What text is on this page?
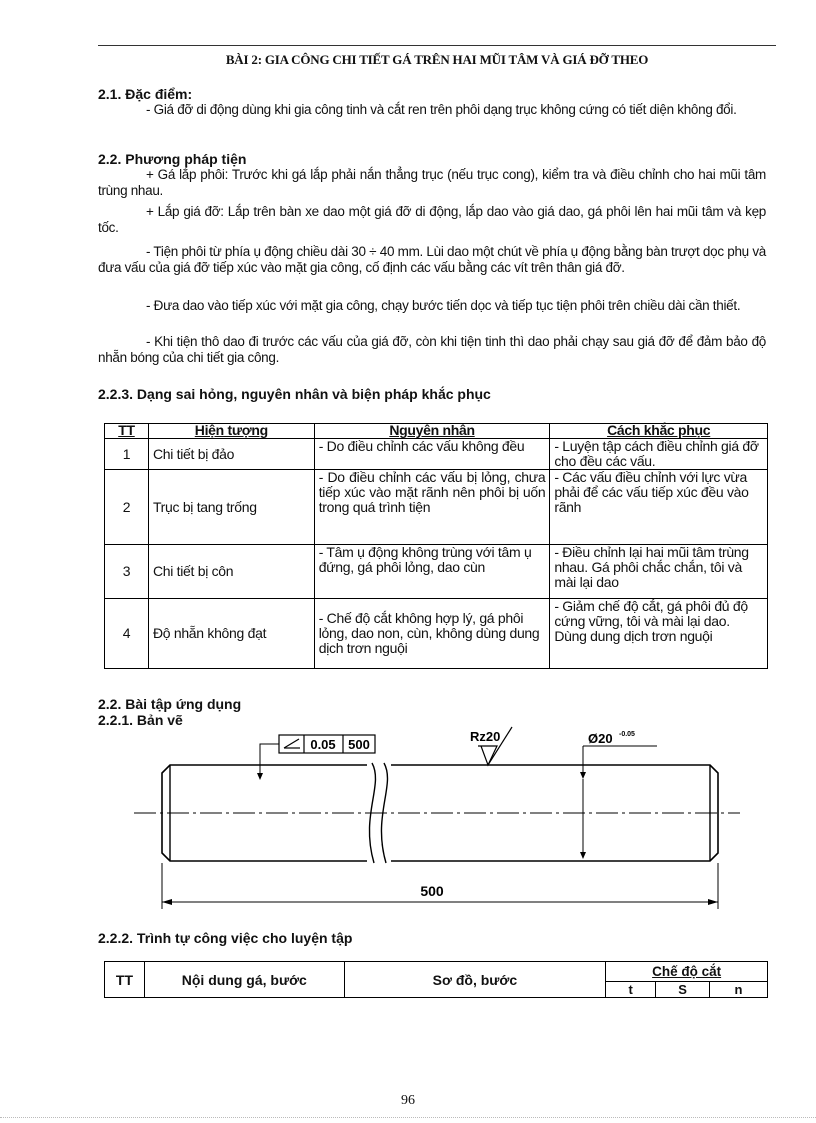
BÀI 2: GIA CÔNG CHI TIẾT GÁ TRÊN HAI MŨI TÂM VÀ GIÁ ĐỠ THEO
2.1. Đặc điểm:
- Giá đỡ di động dùng khi gia công tinh và cắt ren trên phôi dạng trục không cứng có tiết diện không đổi.
2.2. Phương pháp tiện
+ Gá lắp phôi: Trước khi gá lắp phải nắn thẳng trục (nếu trục cong), kiểm tra và điều chỉnh cho hai mũi tâm trùng nhau.
+ Lắp giá đỡ: Lắp trên bàn xe dao một giá đỡ di động, lắp dao vào giá dao, gá phôi lên hai mũi tâm và kẹp tốc.
- Tiện phôi từ phía ụ động chiều dài 30 ÷ 40 mm. Lùi dao một chút về phía ụ động bằng bàn trượt dọc phụ và đưa vấu của giá đỡ tiếp xúc vào mặt gia công, cố định các vấu bằng các vít trên thân giá đỡ.
- Đưa dao vào tiếp xúc với mặt gia công, chạy bước tiến dọc và tiếp tục tiện phôi trên chiều dài cần thiết.
- Khi tiện thô dao đi trước các vấu của giá đỡ, còn khi tiện tinh thì dao phải chạy sau giá đỡ để đảm bảo độ nhẵn bóng của chi tiết gia công.
2.2.3. Dạng sai hỏng, nguyên nhân và biện pháp khắc phục
TT	Hiện tượng	Nguyên nhân	Cách khắc phục
1	Chi tiết bị đảo	- Do điều chỉnh các vấu không đều	- Luyện tập cách điều chỉnh giá đỡ cho đều các vấu.
2	Trục bị tang trống	- Do điều chỉnh các vấu bị lỏng, chưa tiếp xúc vào mặt rãnh nên phôi bị uốn trong quá trình tiện	- Các vấu điều chỉnh với lực vừa phải để các vấu tiếp xúc đều vào rãnh
3	Chi tiết bị côn	- Tâm ụ động không trùng với tâm ụ đứng, gá phôi lỏng, dao cùn	- Điều chỉnh lại hai mũi tâm trùng nhau. Gá phôi chắc chắn, tôi và mài lại dao
4	Độ nhẵn không đạt	- Chế độ cắt không hợp lý, gá phôi lỏng, dao non, cùn, không dùng dung dịch trơn nguội	- Giảm chế độ cắt, gá phôi đủ độ cứng vững, tôi và mài lại dao. Dùng dung dịch trơn nguội
2.2. Bài tập ứng dụng
2.2.1. Bản vẽ
0.05 500
Rz20	Ø20 -0.05
500
2.2.2. Trình tự công việc cho luyện tập
TT	Nội dung gá, bước	Sơ đồ, bước	Chế độ cắt		
			t	S	n
96
